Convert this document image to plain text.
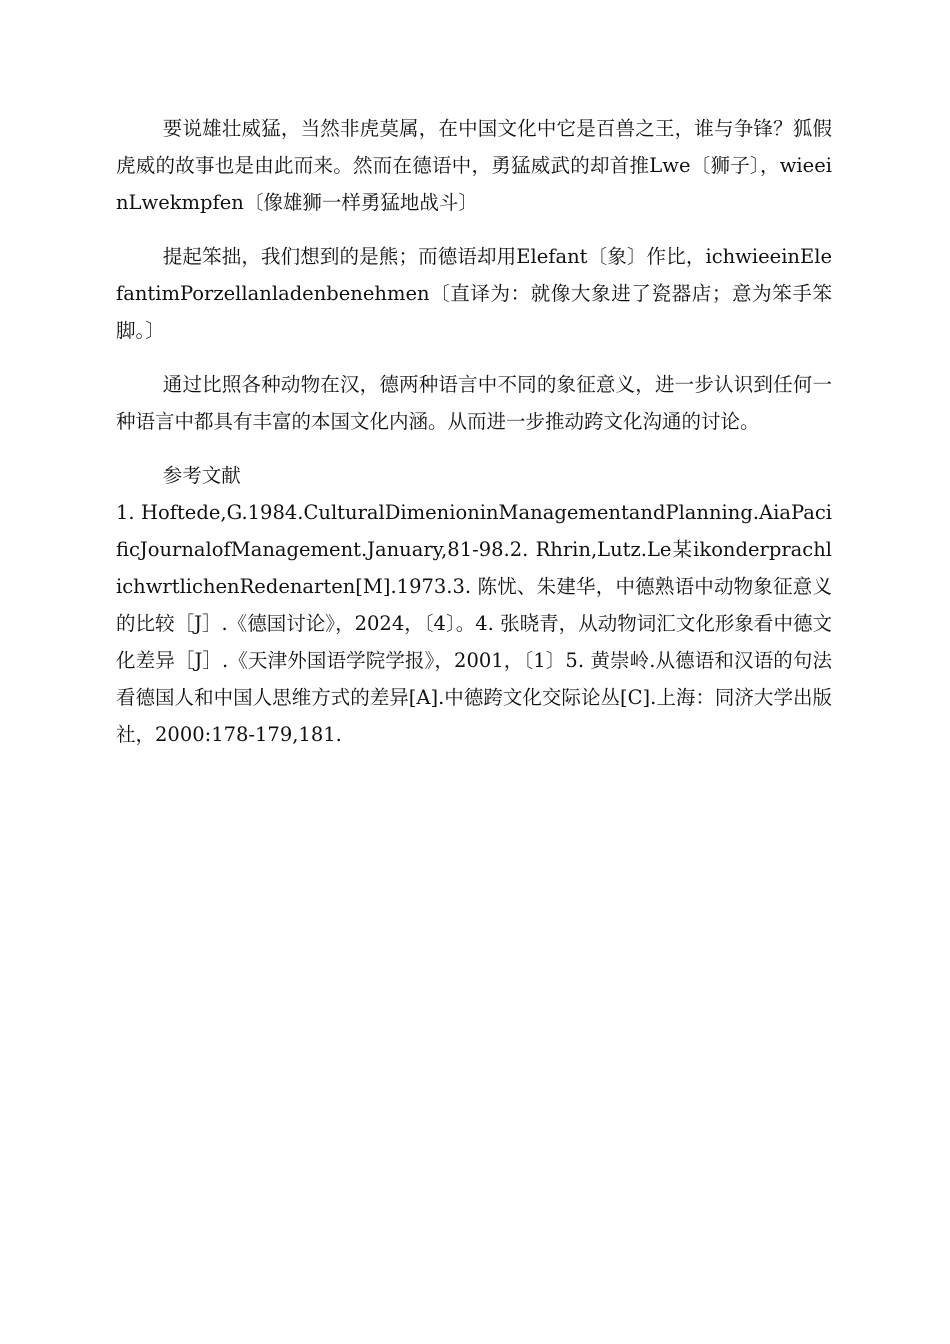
要说雄壮威猛，当然非虎莫属，在中国文化中它是百兽之王，谁与争锋？狐假虎威的故事也是由此而来。然而在德语中，勇猛威武的却首推Lwe〔狮子〕，wieeinLwekmpfen〔像雄狮一样勇猛地战斗〕

提起笨拙，我们想到的是熊；而德语却用Elefant〔象〕作比，ichwieeinElefantimPorzellanladenbenehmen〔直译为：就像大象进了瓷器店；意为笨手笨脚。〕

通过比照各种动物在汉，德两种语言中不同的象征意义，进一步认识到任何一种语言中都具有丰富的本国文化内涵。从而进一步推动跨文化沟通的讨论。

参考文献

1. Hoftede,G.1984.CulturalDimenioninManagementandPlanning.AiaPacificJournalofManagement.January,81-98.2. Rhrin,Lutz.Le某ikonderprachlichwrtlichenRedenarten[M].1973.3. 陈忧、朱建华，中德熟语中动物象征意义的比较［J］.《德国讨论》，2024，〔4〕。4. 张晓青，从动物词汇文化形象看中德文化差异［J］.《天津外国语学院学报》，2001，〔1〕5. 黄崇岭.从德语和汉语的句法看德国人和中国人思维方式的差异[A].中德跨文化交际论丛[C].上海：同济大学出版社，2000:178-179,181.
